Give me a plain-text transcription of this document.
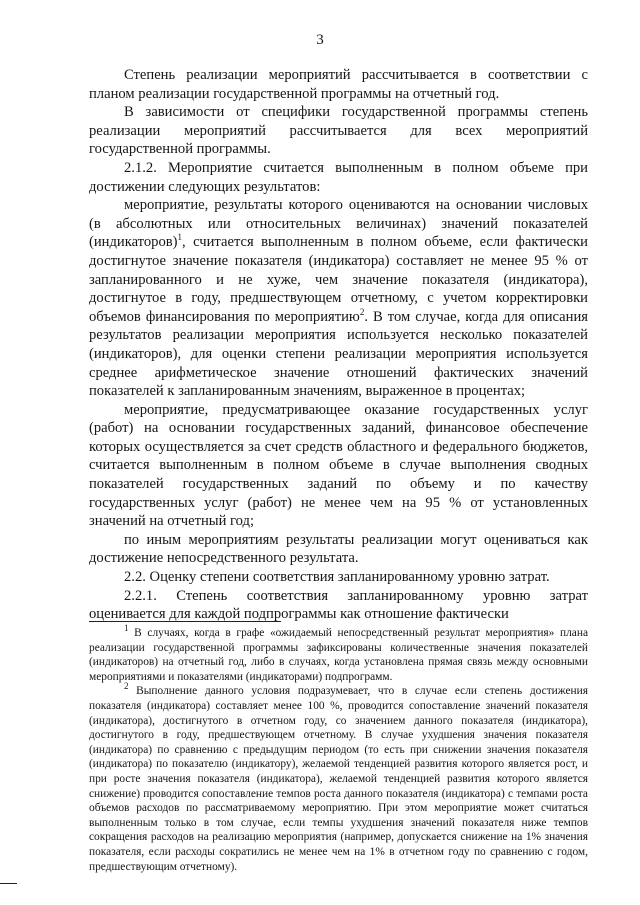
3

Степень реализации мероприятий рассчитывается в соответствии с планом реализации государственной программы на отчетный год.

В зависимости от специфики государственной программы степень реализации мероприятий рассчитывается для всех мероприятий государственной программы.

2.1.2. Мероприятие считается выполненным в полном объеме при достижении следующих результатов:

мероприятие, результаты которого оцениваются на основании числовых (в абсолютных или относительных величинах) значений показателей (индикаторов)$^1$, считается выполненным в полном объеме, если фактически достигнутое значение показателя (индикатора) составляет не менее 95 % от запланированного и не хуже, чем значение показателя (индикатора), достигнутое в году, предшествующем отчетному, с учетом корректировки объемов финансирования по мероприятию$^2$. В том случае, когда для описания результатов реализации мероприятия используется несколько показателей (индикаторов), для оценки степени реализации мероприятия используется среднее арифметическое значение отношений фактических значений показателей к запланированным значениям, выраженное в процентах;

мероприятие, предусматривающее оказание государственных услуг (работ) на основании государственных заданий, финансовое обеспечение которых осуществляется за счет средств областного и федерального бюджетов, считается выполненным в полном объеме в случае выполнения сводных показателей государственных заданий по объему и по качеству государственных услуг (работ) не менее чем на 95 % от установленных значений на отчетный год;

по иным мероприятиям результаты реализации могут оцениваться как достижение непосредственного результата.

2.2. Оценку степени соответствия запланированному уровню затрат.

2.2.1. Степень соответствия запланированному уровню затрат оценивается для каждой подпрограммы как отношение фактически

$^1$ В случаях, когда в графе «ожидаемый непосредственный результат мероприятия» плана реализации государственной программы зафиксированы количественные значения показателей (индикаторов) на отчетный год, либо в случаях, когда установлена прямая связь между основными мероприятиями и показателями (индикаторами) подпрограмм.

$^2$ Выполнение данного условия подразумевает, что в случае если степень достижения показателя (индикатора) составляет менее 100 %, проводится сопоставление значений показателя (индикатора), достигнутого в отчетном году, со значением данного показателя (индикатора), достигнутого в году, предшествующем отчетному. В случае ухудшения значения показателя (индикатора) по сравнению с предыдущим периодом (то есть при снижении значения показателя (индикатора) по показателю (индикатору), желаемой тенденцией развития которого является рост, и при росте значения показателя (индикатора), желаемой тенденцией развития которого является снижение) проводится сопоставление темпов роста данного показателя (индикатора) с темпами роста объемов расходов по рассматриваемому мероприятию. При этом мероприятие может считаться выполненным только в том случае, если темпы ухудшения значений показателя ниже темпов сокращения расходов на реализацию мероприятия (например, допускается снижение на 1% значения показателя, если расходы сократились не менее чем на 1% в отчетном году по сравнению с годом, предшествующим отчетному).
